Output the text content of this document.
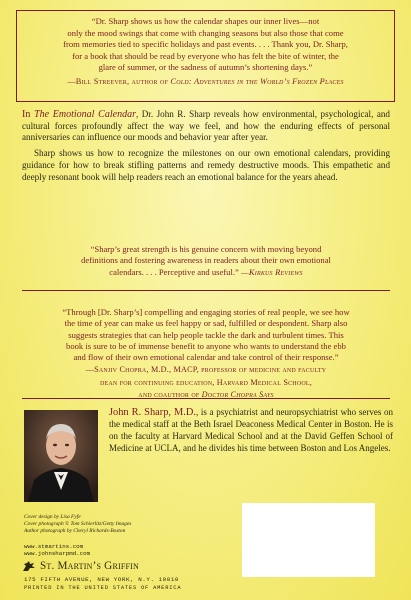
“Dr. Sharp shows us how the calendar shapes our inner lives—not
only the mood swings that come with changing seasons but also those that come
from memories tied to specific holidays and past events. . . . Thank you, Dr. Sharp,
for a book that should be read by everyone who has felt the bite of winter, the
glare of summer, or the sadness of autumn’s shortening days.”
—Bill Streever, author of Cold: Adventures in the World’s Frozen Places

In The Emotional Calendar, Dr. John R. Sharp reveals how environmental, psychological, and cultural forces profoundly affect the way we feel, and how the enduring effects of personal anniversaries can influence our moods and behavior year after year.

Sharp shows us how to recognize the milestones on our own emotional calendars, providing guidance for how to break stifling patterns and remedy destructive moods. This empathetic and deeply resonant book will help readers reach an emotional balance for the years ahead.

“Sharp’s great strength is his genuine concern with moving beyond
definitions and fostering awareness in readers about their own emotional
calendars. . . . Perceptive and useful.” —Kirkus Reviews
“Through [Dr. Sharp’s] compelling and engaging stories of real people, we see how
the time of year can make us feel happy or sad, fulfilled or despondent. Sharp also
suggests strategies that can help people tackle the dark and turbulent times. This
book is sure to be of immense benefit to anyone who wants to understand the ebb
and flow of their own emotional calendar and take control of their response.”
—Sanjiv Chopra, M.D., MACP, professor of medicine and faculty
dean for continuing education, Harvard Medical School,
and coauthor of Doctor Chopra Says
John R. Sharp, M.D., is a psychiatrist and neuropsychiatrist who serves on the medical staff at the Beth Israel Deaconess Medical Center in Boston. He is on the faculty at Harvard Medical School and at the David Geffen School of Medicine at UCLA, and he divides his time between Boston and Los Angeles.
Cover design by Lisa Fyfe
Cover photograph © Tom Schierlitz/Getty Images
Author photograph by Cheryl Richards-Boston
www.stmartins.com
www.johnsharpmd.com
St. Martin’s Griffin
175 FIFTH AVENUE, NEW YORK, N.Y. 10010
PRINTED IN THE UNITED STATES OF AMERICA
